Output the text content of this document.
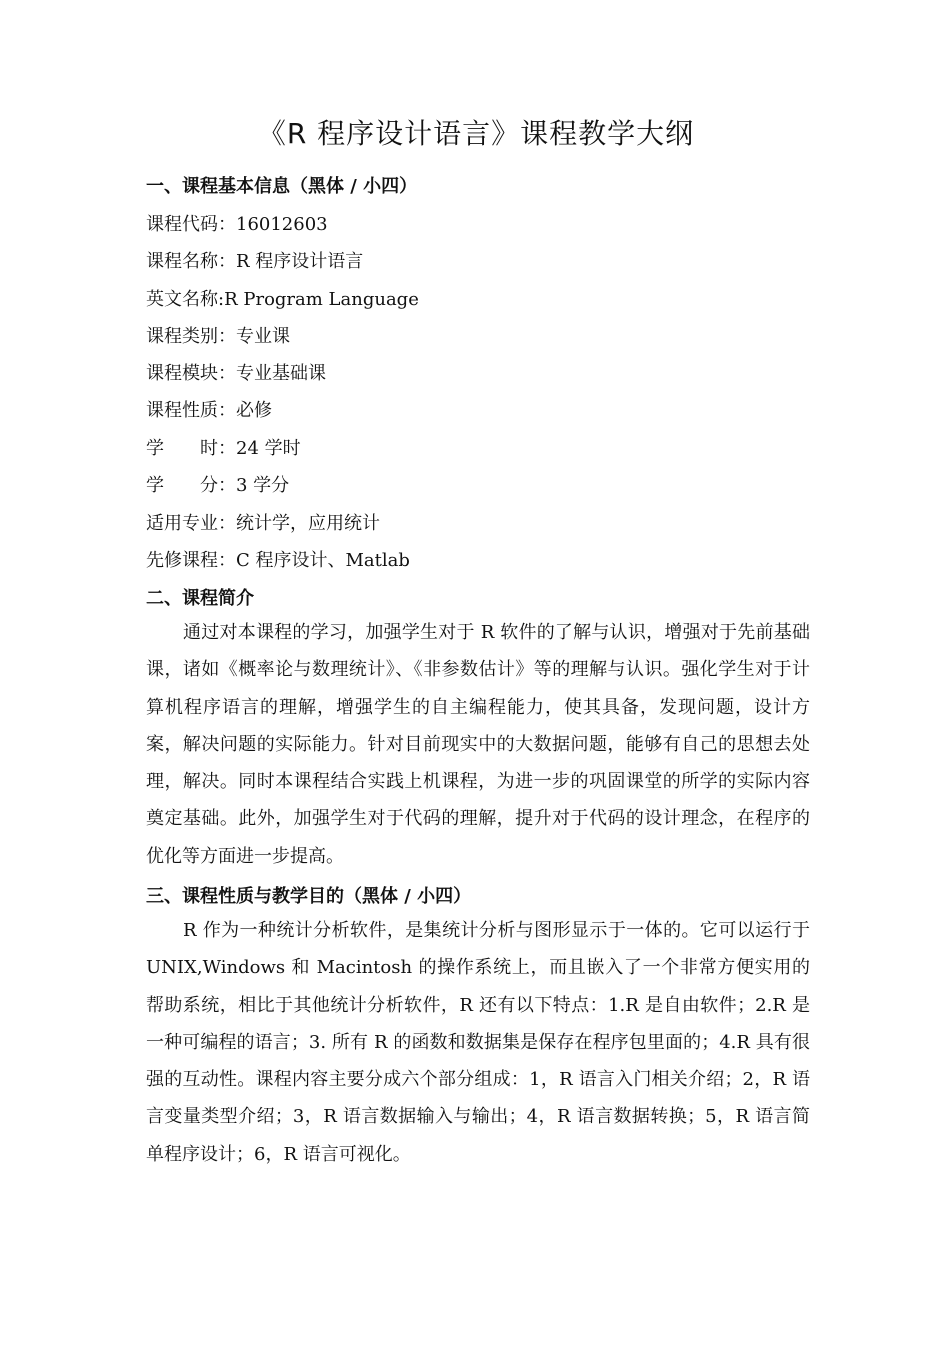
《R 程序设计语言》课程教学大纲
一、课程基本信息（黑体 / 小四）
课程代码：16012603
课程名称：R 程序设计语言
英文名称:R Program Language
课程类别：专业课
课程模块：专业基础课
课程性质：必修
学　　时：24 学时
学　　分：3 学分
适用专业：统计学，应用统计
先修课程：C 程序设计、Matlab
二、课程简介
通过对本课程的学习，加强学生对于 R 软件的了解与认识，增强对于先前基础课，诸如《概率论与数理统计》、《非参数估计》等的理解与认识。强化学生对于计算机程序语言的理解，增强学生的自主编程能力，使其具备，发现问题，设计方案，解决问题的实际能力。针对目前现实中的大数据问题，能够有自己的思想去处理，解决。同时本课程结合实践上机课程，为进一步的巩固课堂的所学的实际内容奠定基础。此外，加强学生对于代码的理解，提升对于代码的设计理念，在程序的优化等方面进一步提高。
三、课程性质与教学目的（黑体 / 小四）
R 作为一种统计分析软件，是集统计分析与图形显示于一体的。它可以运行于 UNIX,Windows 和 Macintosh 的操作系统上，而且嵌入了一个非常方便实用的帮助系统，相比于其他统计分析软件，R 还有以下特点：1.R 是自由软件；2.R 是一种可编程的语言；3. 所有 R 的函数和数据集是保存在程序包里面的；4.R 具有很强的互动性。课程内容主要分成六个部分组成：1，R 语言入门相关介绍；2，R 语言变量类型介绍；3，R 语言数据输入与输出；4，R 语言数据转换；5，R 语言简单程序设计；6，R 语言可视化。
